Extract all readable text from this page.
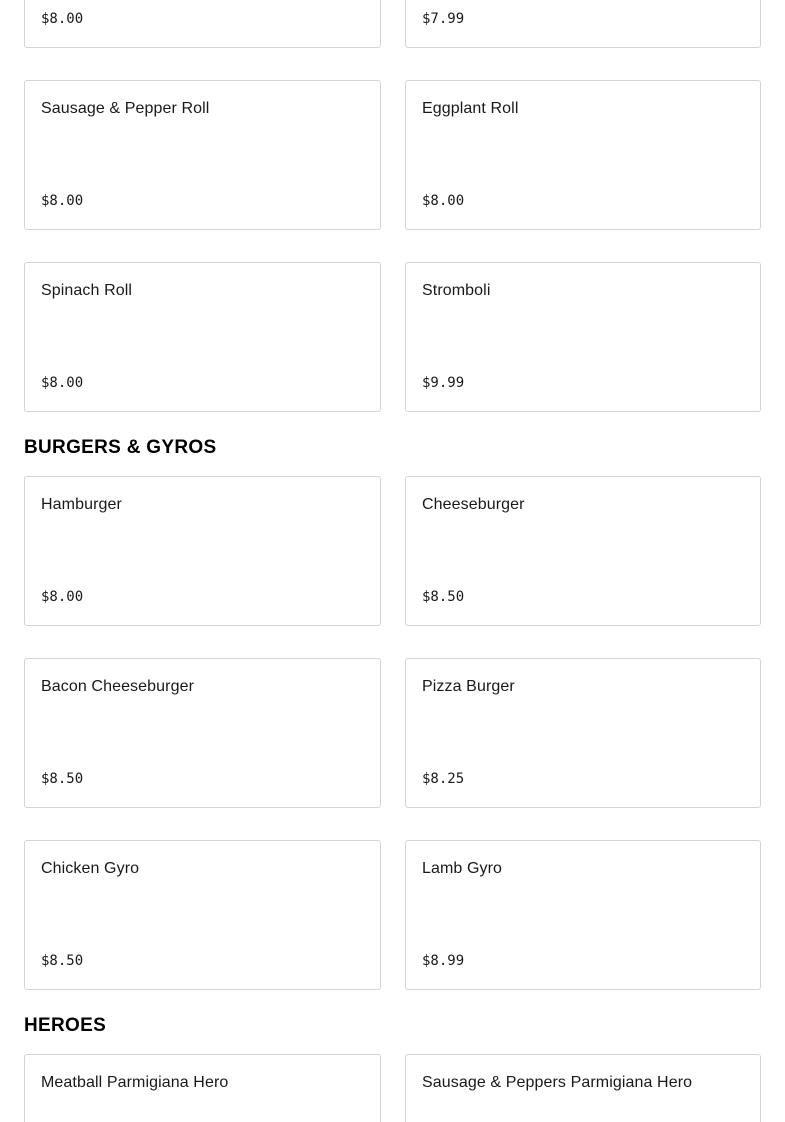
$8.00	$7.99
Sausage & Pepper Roll
$8.00
Eggplant Roll
$8.00
Spinach Roll
$8.00
Stromboli
$9.99
BURGERS & GYROS
Hamburger
$8.00
Cheeseburger
$8.50
Bacon Cheeseburger
$8.50
Pizza Burger
$8.25
Chicken Gyro
$8.50
Lamb Gyro
$8.99
HEROES
Meatball Parmigiana Hero	Sausage & Peppers Parmigiana Hero
